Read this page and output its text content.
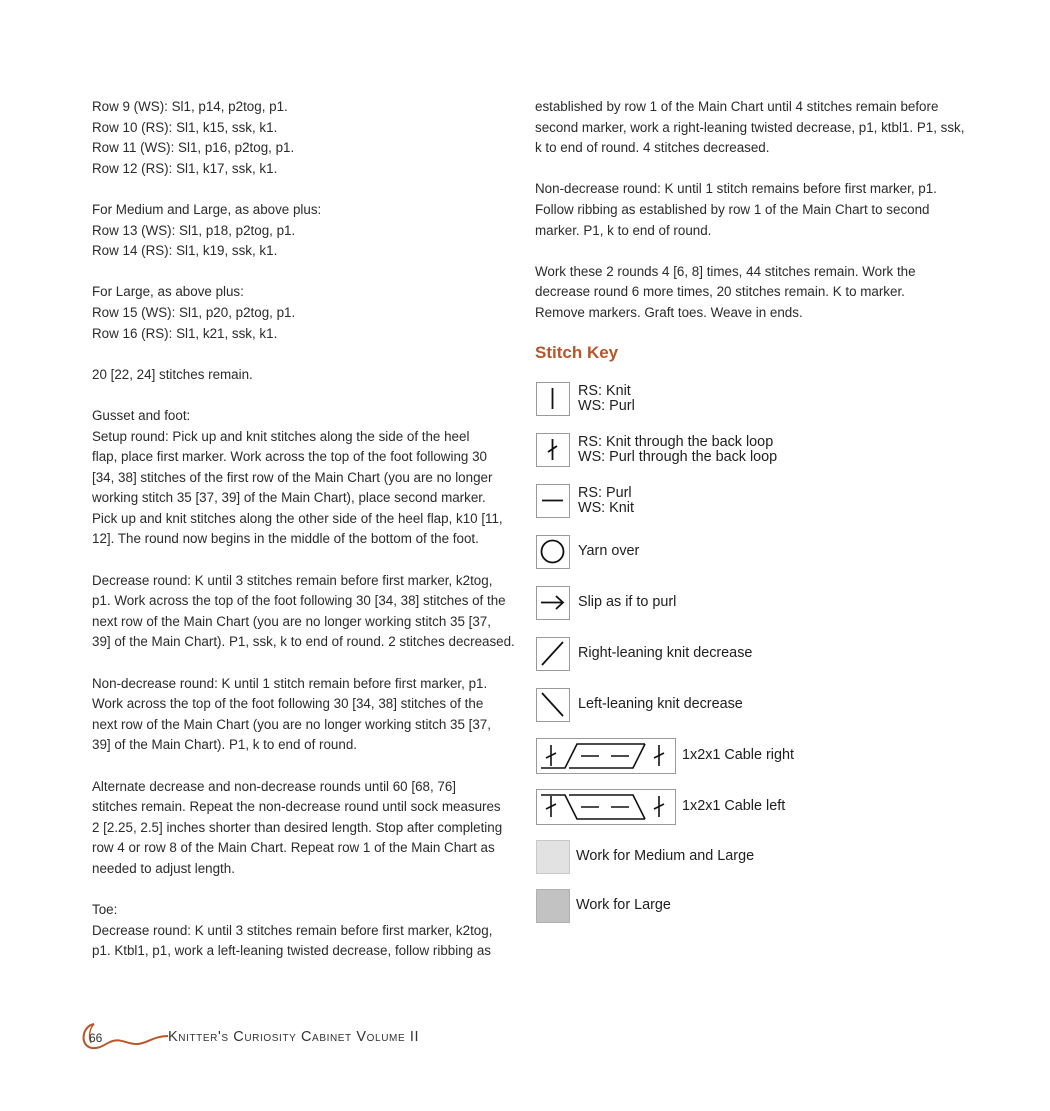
Row 9 (WS): Sl1, p14, p2tog, p1.
Row 10 (RS): Sl1, k15, ssk, k1.
Row 11 (WS): Sl1, p16, p2tog, p1.
Row 12 (RS): Sl1, k17, ssk, k1.
For Medium and Large, as above plus:
Row 13 (WS): Sl1, p18, p2tog, p1.
Row 14 (RS): Sl1, k19, ssk, k1.
For Large, as above plus:
Row 15 (WS): Sl1, p20, p2tog, p1.
Row 16 (RS): Sl1, k21, ssk, k1.
20 [22, 24] stitches remain.
Gusset and foot:
Setup round: Pick up and knit stitches along the side of the heel
flap, place first marker. Work across the top of the foot following 30
[34, 38] stitches of the first row of the Main Chart (you are no longer
working stitch 35 [37, 39] of the Main Chart), place second marker.
Pick up and knit stitches along the other side of the heel flap, k10 [11,
12]. The round now begins in the middle of the bottom of the foot.
Decrease round: K until 3 stitches remain before first marker, k2tog,
p1. Work across the top of the foot following 30 [34, 38] stitches of the
next row of the Main Chart (you are no longer working stitch 35 [37,
39] of the Main Chart). P1, ssk, k to end of round. 2 stitches decreased.
Non-decrease round: K until 1 stitch remain before first marker, p1.
Work across the top of the foot following 30 [34, 38] stitches of the
next row of the Main Chart (you are no longer working stitch 35 [37,
39] of the Main Chart). P1, k to end of round.
Alternate decrease and non-decrease rounds until 60 [68, 76]
stitches remain. Repeat the non-decrease round until sock measures
2 [2.25, 2.5] inches shorter than desired length. Stop after completing
row 4 or row 8 of the Main Chart. Repeat row 1 of the Main Chart as
needed to adjust length.
Toe:
Decrease round: K until 3 stitches remain before first marker, k2tog,
p1. Ktbl1, p1, work a left-leaning twisted decrease, follow ribbing as
established by row 1 of the Main Chart until 4 stitches remain before
second marker, work a right-leaning twisted decrease, p1, ktbl1. P1, ssk,
k to end of round. 4 stitches decreased.
Non-decrease round: K until 1 stitch remains before first marker, p1.
Follow ribbing as established by row 1 of the Main Chart to second
marker. P1, k to end of round.
Work these 2 rounds 4 [6, 8] times, 44 stitches remain. Work the
decrease round 6 more times, 20 stitches remain. K to marker.
Remove markers. Graft toes. Weave in ends.
Stitch Key
RS: Knit
WS: Purl
RS: Knit through the back loop
WS: Purl through the back loop
RS: Purl
WS: Knit
Yarn over
Slip as if to purl
Right-leaning knit decrease
Left-leaning knit decrease
1x2x1 Cable right
1x2x1 Cable left
Work for Medium and Large
Work for Large
66	Knitter's Curiosity Cabinet Volume II
